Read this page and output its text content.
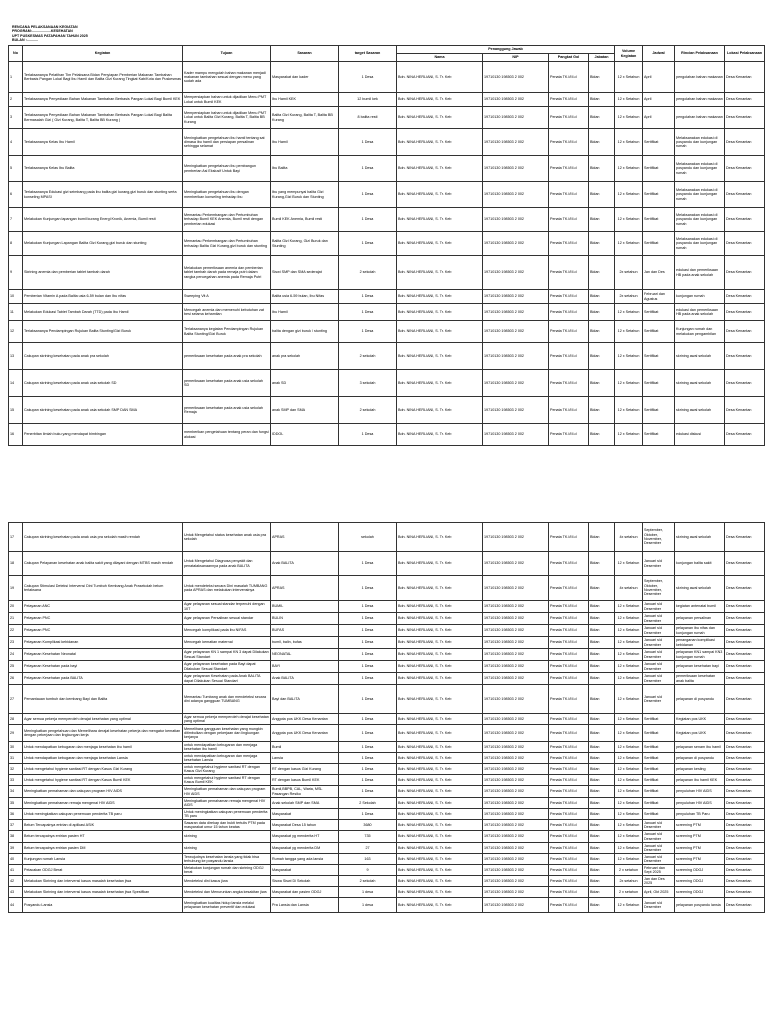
RENCANA PELAKSANAAN KEGIATAN
PROGRAM:...................KESEHATAN
UPT PUSKESMAS PATAPAHAN TAHUN 2025
BULAN :...........
No	Kegiatan	Tujuan	Sasaran	target Sasaran	Penanggung Jawab				Volume Kegiatan	Jadwal	Rincian Pelaksanaan	Lokasi Pelaksanaan
					Nama	NIP	Pangkat Gol	Jabatan				
1	Terlaksananya Pelatihan Tim Pelaksana Bidan Penyiapan Pemberian Makanan Tambahan Berbasis Pangan Lokal Bagi Ibu Hamil dan Balita Gizi Kurang Tingkat Kab/Kota dan Puskesmas	Kader mampu mengolah bahan makanan menjadi makanan tambahan sesuai dengan menu yang sudah ada	Masyarakat dan kader	1 Desa	Bdn. NINA HERLIANI, S. Tr. Keb	19710130 198503 2 002	Penata TK.I/III.d	Bidan	12 x Setahun	April	pengolahan bahan makanan	Desa Kenantan
2	Terlaksananya Penyediaan Bahan Makanan Tambahan Berbasis Pangan Lokal Bagi Bumil KEK	Mempersiapkan bahan untuk dijadikan Menu PMT Lokal untuk Bumil KEK	Ibu Hamil KEK	12 bumil kek	Bdn. NINA HERLIANI, S. Tr. Keb	19710130 198503 2 002	Penata TK.I/III.d	Bidan	12 x Setahun	April	pengolahan bahan makanan	Desa Kenantan
3	Terlaksananya Penyediaan Bahan Makanan Tambahan Berbasis Pangan Lokal Bagi Balita Bermasalah Gizi ( Gizi Kurang, Balita T, Balita BB Kurang )	Mempersiapkan bahan untuk dijadikan Menu PMT Lokal untuk Balita Gizi Kurang, Balita T, Balita BB Kurang	Balita Gizi Kurang, Balita T, Balita BB Kurang	8 balita resti	Bdn. NINA HERLIANI, S. Tr. Keb	19710130 198503 2 002	Penata TK.I/III.d	Bidan	12 x Setahun	April	pengolahan bahan makanan	Desa Kenantan
4	Terlaksananya Kelas Ibu Hamil	Meningkatkan pengetahuan ibu hamil tentang sat dimasa ibu hamil dan persiapan persalinan sehingga selamat	Ibu Hamil	1 Desa	Bdn. NINA HERLIANI, S. Tr. Keb	19710130 198503 2 002	Penata TK.I/III.d	Bidan	12 x Setahun	Sertifikat	Melaksanakan edukasi di posyandu dan kunjungan rumah	Desa Kenantan
5	Terlaksananya Kelas Ibu Balita	Meningkatkan pengetahuan ibu pembangun pemberian Asi Ekslusif Untuk Bayi	Ibu Balita	1 Desa	Bdn. NINA HERLIANI, S. Tr. Keb	19710130 198503 2 002	Penata TK.I/III.d	Bidan	12 x Setahun	Sertifikat	Melaksanakan edukasi di posyandu dan kunjungan rumah	Desa Kenantan
6	Terlaksananya Edukasi gizi seimbang pada ibu balita gizi kurang,gizi buruk dan stunting serta konseling MPASI	Meningkatkan pengetahuan ibu dengan memberikan konseling terhadap ibu	Ibu yang mempunyai balita Gizi Kurang,Gizi Buruk dan Stunting	1 Desa	Bdn. NINA HERLIANI, S. Tr. Keb	19710130 198503 2 002	Penata TK.I/III.d	Bidan	12 x Setahun	Sertifikat	Melaksanakan edukasi di posyandu dan kunjungan rumah	Desa Kenantan
7	Melakukan Kunjungan lapangan bumil kurang Energi Kronik, Anemia, Bumil resti	Memantau Perkembangan dan Pertumbuhan terhadap Bumil KEK Anemia, Bumil resti dengan pemberian edukasi	Bumil KEK Anemia, Bumil resti	1 Desa	Bdn. NINA HERLIANI, S. Tr. Keb	19710130 198503 2 002	Penata TK.I/III.d	Bidan	12 x Setahun	Sertifikat	Melaksanakan edukasi di posyandu dan kunjungan rumah	Desa Kenantan
8	Melakukan Kunjungan Lapangan Balita Gizi Kurang,gizi buruk dan stunting	Memantau Perkembangan dan Pertumbuhan terhadap Balita Gizi Kurang,gizi buruk dan stunting	Balita Gizi Kurang, Gizi Buruk dan Stunting	1 Desa	Bdn. NINA HERLIANI, S. Tr. Keb	19710130 198503 2 002	Penata TK.I/III.d	Bidan	12 x Setahun	Sertifikat	Melaksanakan edukasi di posyandu dan kunjungan rumah	Desa Kenantan
9	Skrining anemia dan pemberian tablet tambah darah	Melakukan pemeriksaan anemia dan pemberian tablet tambah darah pada remaja putri dalam rangka pencegahan anemia pada Remaja Putri	Siswi SMP dan SMA sederajat	2 sekolah	Bdn. NINA HERLIANI, S. Tr. Keb	19710130 198503 2 002	Penata TK.I/III.d	Bidan	2x setahun	Jan dan Des	edukasi dan pemeriksaan HB pada anak sekolah	Desa Kenantan
10	Pemberian Vitamin A pada Balita usia 6-59 bulan dan Ibu nifas	Sweeping Vit A	Balita usia 6-59 bulan, Ibu Nifas	1 Desa	Bdn. NINA HERLIANI, S. Tr. Keb	19710130 198503 2 002	Penata TK.I/III.d	Bidan	2x setahun	Februari dan Agustus	kunjungan rumah	Desa Kenantan
11	Melakukan Edukasi Tablet Tambah Darah (TTD) pada Ibu Hamil	Mencegah anemia dan memenuhi kebutuhan zat besi selama kehamilan	Ibu Hamil	1 Desa	Bdn. NINA HERLIANI, S. Tr. Keb	19710130 198503 2 002	Penata TK.I/III.d	Bidan	12 x Setahun	Sertifikat	edukasi dan pemeriksaan HB pada anak sekolah	Desa Kenantan
12	Terlaksananya Pendampingan Rujukan Balita Stunting/Gizi Buruk	Terlaksananya kegiatan Pendampingan Rujukan Balita Stunting/Gizi Buruk	balita dengan gizi buruk / stunting	1 Desa	Bdn. NINA HERLIANI, S. Tr. Keb	19710130 198503 2 002	Penata TK.I/III.d	Bidan	12 x Setahun	Sertifikat	Kunjungan rumah dan melakukan pengambilan	Desa Kenantan
13	Cakupan skrining kesehatan pada anak pra sekolah	pemeriksaan kesehatan pada anak pra sekolah	anak pra sekolah	2 sekolah	Bdn. NINA HERLIANI, S. Tr. Keb	19710130 198503 2 002	Penata TK.I/III.d	Bidan	12 x Setahun	Sertifikat	skrining awal sekolah	Desa Kenantan
14	Cakupan skrining kesehatan pada anak usia sekolah SD	pemeriksaan kesehatan pada anak usia sekolah SD	anak SD	3 sekolah	Bdn. NINA HERLIANI, S. Tr. Keb	19710130 198503 2 002	Penata TK.I/III.d	Bidan	12 x Setahun	Sertifikat	skrining awal sekolah	Desa Kenantan
15	Cakupan skrining kesehatan pada anak usia sekolah SMP DAN SMA	pemeriksaan kesehatan pada anak usia sekolah Remaja	anak SMP dan SMA	2 sekolah	Bdn. NINA HERLIANI, S. Tr. Keb	19710130 198503 2 002	Penata TK.I/III.d	Bidan	12 x Setahun	Sertifikat	skrining awal sekolah	Desa Kenantan
16	Penerbitan ilmiah buku yang mendapat bimbingan	memberikan pengetahuan tentang peran dan fungsi alokasi	IDDOL	1 Desa	Bdn. NINA HERLIANI, S. Tr. Keb	19710130 198503 2 002	Penata TK.I/III.d	Bidan	12 x Setahun	Sertifikat	edukasi diskusi	Desa Kenantan
17	Cakupan skrining kesehatan pada anak usia pra sekolah masih rendah	Untuk Mengetahui status kesehatan anak usia pra sekolah	APRAS	sekolah	Bdn. NINA HERLIANI, S. Tr. Keb	19710130 198503 2 002	Penata TK.I/III.d	Bidan	4x setahun	September, Oktober, November, Desember	skrining awal sekolah	Desa Kenantan
18	Cakupan Pelayanan kesehatan anak balita sakit yang dilayani dengan MTBS masih rendah	Untuk Mengetahui Diagnosa penyakit dan penatalaksanaannya pada anak BALITA	Anak BALITA	1 Desa	Bdn. NINA HERLIANI, S. Tr. Keb	19710130 198503 2 002	Penata TK.I/III.d	Bidan	12 x Setahun	Januari s/d Desember	kunjungan balita sakit	Desa Kenantan
19	Cakupan Stimulasi Deteksi Intervensi Dini Tumbuh Kembang Anak Prasekolah belum terlaksana	Untuk mendeteksi secara Dini masalah TUMBANG pada APRAS dan melakukan intervensinya	APRAS	1 Desa	Bdn. NINA HERLIANI, S. Tr. Keb	19710130 198503 2 002	Penata TK.I/III.d	Bidan	4x setahun	September, Oktober, November, Desember	skrining awal sekolah	Desa Kenantan
20	Pelayanan ANC	Agar pelayanan sesuai standar terpenuhi dengan 10T	BUMIL	1 Desa	Bdn. NINA HERLIANI, S. Tr. Keb	19710130 198503 2 002	Penata TK.I/III.d	Bidan	12 x Setahun	Januari s/d Desember	kegiatan antenatal bumil	Desa Kenantan
21	Pelayanan PNC	Agar pelayanan Persalinan sesuai standar	BULIN	1 Desa	Bdn. NINA HERLIANI, S. Tr. Keb	19710130 198503 2 002	Penata TK.I/III.d	Bidan	12 x Setahun	Januari s/d Desember	pelayanan persalinan	Desa Kenantan
22	Pelayanan PNC	Mencegah komplikasi pada ibu NIFAS	BUFAS	1 Desa	Bdn. NINA HERLIANI, S. Tr. Keb	19710130 198503 2 002	Penata TK.I/III.d	Bidan	12 x Setahun	Januari s/d Desember	pelayanan ibu nifas dan kunjungan rumah	Desa Kenantan
23	Pelayanan Komplikasi kebidanan	Mencegah kematian maternal	bumil, balin, bufas	1 Desa	Bdn. NINA HERLIANI, S. Tr. Keb	19710130 198503 2 002	Penata TK.I/III.d	Bidan	12 x Setahun	Januari s/d Desember	penanganan komplikasi kebidanan	Desa Kenantan
24	Pelayanan Kesehatan Neonatal	Agar pelayanan KN 1 sampai KN 3 dapat Dilakukan Sesuai Standart	NEONATAL	1 Desa	Bdn. NINA HERLIANI, S. Tr. Keb	19710130 198503 2 002	Penata TK.I/III.d	Bidan	12 x Setahun	Januari s/d Desember	pelayanan KN1 sampai KN3 kunjungan rumah	Desa Kenantan
25	Pelayanan Kesehatan pada bayi	Agar pelayanan kesehatan pada Bayi dapat Dilakukan Sesuai Standart	BAYI	1 Desa	Bdn. NINA HERLIANI, S. Tr. Keb	19710130 198503 2 002	Penata TK.I/III.d	Bidan	12 x Setahun	Januari s/d Desember	pelayanan kesehatan bayi	Desa Kenantan
26	Pelayanan Kesehatan pada BALITA	Agar pelayanan Kesehatan pada Anak BALITA dapat Dilakukan Sesuai Standart	Anak BALITA	1 Desa	Bdn. NINA HERLIANI, S. Tr. Keb	19710130 198503 2 002	Penata TK.I/III.d	Bidan	12 x Setahun	Januari s/d Desember	pemeriksaan kesehatan anak balita	Desa Kenantan
27	Pemantauan tumbuh dan kembang Bayi dan Balita	Memantau Tumbang anak dan mendeteksi secara dini adanya gangguan TUMBANG	Bayi dan BALITA	1 Desa	Bdn. NINA HERLIANI, S. Tr. Keb	19710130 198503 2 002	Penata TK.I/III.d	Bidan	12 x Setahun	Januari s/d Desember	pelayanan di posyandu	Desa Kenantan
28	Agar semua pekerja memperoleh derajat kesehatan yang optimal	Agar semua pekerja memperoleh derajat kesehatan yang optimal	Anggota pos UKK Desa Kenantan	1 Desa	Bdn. NINA HERLIANI, S. Tr. Keb	19710130 198503 2 002	Penata TK.I/III.d	Bidan	12 x Setahun	Sertifikat	Kegiatan pos UKK	Desa Kenantan
29	Meningkatkan pengetahuan dan Memelihara derajat kesehatan pekerja dan mengatur kematian dengan pekerjaan dan lingkungan kerja	Memelihara gangguan kesehatan yang mungkin ditimbulkan dengan pekerjaan dan lingkungan kerjanya	Anggota pos UKK Desa Kenantan	1 Desa	Bdn. NINA HERLIANI, S. Tr. Keb	19710130 198503 2 002	Penata TK.I/III.d	Bidan	12 x Setahun	Sertifikat	Kegiatan pos UKK	Desa Kenantan
30	Untuk mendapatkan kebugaran dan menjaga kesehatan ibu hamil	untuk mendapatkan kebugaran dan menjaga kesehatan ibu hamil	Bumil	1 Desa	Bdn. NINA HERLIANI, S. Tr. Keb	19710130 198503 2 002	Penata TK.I/III.d	Bidan	12 x Setahun	Sertifikat	pelayanan senam ibu hamil	Desa Kenantan
31	Untuk mendapatkan kebugaran dan menjaga kesehatan Lansia	untuk mendapatkan kebugaran dan menjaga kesehatan Lansia	Lansia	1 Desa	Bdn. NINA HERLIANI, S. Tr. Keb	19710130 198503 2 002	Penata TK.I/III.d	Bidan	12 x Setahun	Sertifikat	pelayanan di posyandu	Desa Kenantan
32	Untuk mengetahui hygiene sanitasi RT dengan Kasus Gizi Kurang	untuk mengetahui hygiene sanitasi RT dengan Kasus Gizi Kurang	RT dengan kasus Gizi Kurang	1 Desa	Bdn. NINA HERLIANI, S. Tr. Keb	19710130 198503 2 002	Penata TK.I/III.d	Bidan	12 x Setahun	Sertifikat	pelayanan kesling	Desa Kenantan
33	Untuk mengetahui hygiene sanitasi RT dengan Kasus Bumil KEK	untuk mengetahui hygiene sanitasi RT dengan Kasus Bumil KEK	RT dengan kasus Bumil KEK	1 Desa	Bdn. NINA HERLIANI, S. Tr. Keb	19710130 198503 2 002	Penata TK.I/III.d	Bidan	12 x Setahun	Sertifikat	pelayanan ibu hamil KEK	Desa Kenantan
34	Meningkatkan pemahaman dan cakupan program HIV AIDS	Meningkatkan pemahaman dan cakupan program HIV AIDS	Bumil,BBPB, CAL, Waria, MSL Pasangan Resiko	1 Desa	Bdn. NINA HERLIANI, S. Tr. Keb	19710130 198503 2 002	Penata TK.I/III.d	Bidan	12 x Setahun	Sertifikat	penyuluhan HIV AIDS	Desa Kenantan
35	Meningkatkan pemahaman remaja mengenai HIV AIDS	Meningkatkan pemahaman remaja mengenai HIV AIDS	Anak sekolah SMP dan SMA	2 Sekolah	Bdn. NINA HERLIANI, S. Tr. Keb	19710130 198503 2 002	Penata TK.I/III.d	Bidan	12 x Setahun	Sertifikat	penyuluhan HIV AIDS	Desa Kenantan
36	Untuk meningkatkan cakupan penemuan penderita TB paru	Untuk meningkatkan cakupan penemuan penderita TB paru	Masyarakat	1 Desa	Bdn. NINA HERLIANI, S. Tr. Keb	19710130 198503 2 002	Penata TK.I/III.d	Bidan	12 x Setahun	Sertifikat	penyuluhan TB Paru	Desa Kenantan
37	Belum Tercapainya entrian di aplikasi ASIK	Sasaran data direkap dan bukti tertulis PTM pada masyarakat umur 15 tahun keatas	Masyarakat Desa 15 tahun	3680	Bdn. NINA HERLIANI, S. Tr. Keb	19710130 198503 2 002	Penata TK.I/III.d	Bidan	12 x Setahun	Januari s/d Desember	screening PTM	Desa Kenantan
38	Belum tercapainya entrian pasien HT	skrining	Masyarakat yg menderita HT	735	Bdn. NINA HERLIANI, S. Tr. Keb	19710130 198503 2 002	Penata TK.I/III.d	Bidan	12 x Setahun	Januari s/d Desember	screening PTM	Desa Kenantan
39	Belum tercapainya entrian pasien DM	skrining	Masyarakat yg menderita DM	27	Bdn. NINA HERLIANI, S. Tr. Keb	19710130 198503 2 002	Penata TK.I/III.d	Bidan	12 x Setahun	Januari s/d Desember	screening PTM	Desa Kenantan
40	Kunjungan rumah Lansia	Terwujudnya kesehatan lansia yang tidak bisa terhubung ke posyandu lansia	Rumah tangga yang ada lansia	163	Bdn. NINA HERLIANI, S. Tr. Keb	19710130 198503 2 002	Penata TK.I/III.d	Bidan	12 x Setahun	Januari s/d Desember	screening PTM	Desa Kenantan
41	Pelacakan ODGJ Berat	Melakukan kunjungan rumah dan skrining ODGJ berat	Masyarakat	9	Bdn. NINA HERLIANI, S. Tr. Keb	19710130 198503 2 002	Penata TK.I/III.d	Bidan	2 x setahun	Februari dan Sept 2025	screening ODGJ	Desa Kenantan
42	Melakukan Skrining dan intervensi kasus masalah kesehatan jiwa	Mendeteksi dini kasus jiwa	Siswa Siswi Di Sekolah	2 sekolah	Bdn. NINA HERLIANI, S. Tr. Keb	19710130 198503 2 002	Penata TK.I/III.d	Bidan	2x setahun	Jan dan Des 2025	screening ODGJ	Desa Kenantan
43	Melakukan Skrining dan intervensi kasus masalah kesehatan jiwa Spesifikan	Mendeteksi dan Menurunkan angka kesakitan jiwa	Masyarakat dan pasien ODGJ	1 desa	Bdn. NINA HERLIANI, S. Tr. Keb	19710130 198503 2 002	Penata TK.I/III.d	Bidan	2 x setahun	April, Okt 2025	screening ODGJ	Desa Kenantan
44	Posyandu Lansia	Meningkatkan kualitas hidup lansia melalui pelayanan kesehatan preventif dan edukasi	Pra Lansia dan Lansia	1 desa	Bdn. NINA HERLIANI, S. Tr. Keb	19710130 198503 2 002	Penata TK.I/III.d	Bidan	12 x Setahun	Januari s/d Desember	pelayanan posyandu lansia	Desa Kenantan
